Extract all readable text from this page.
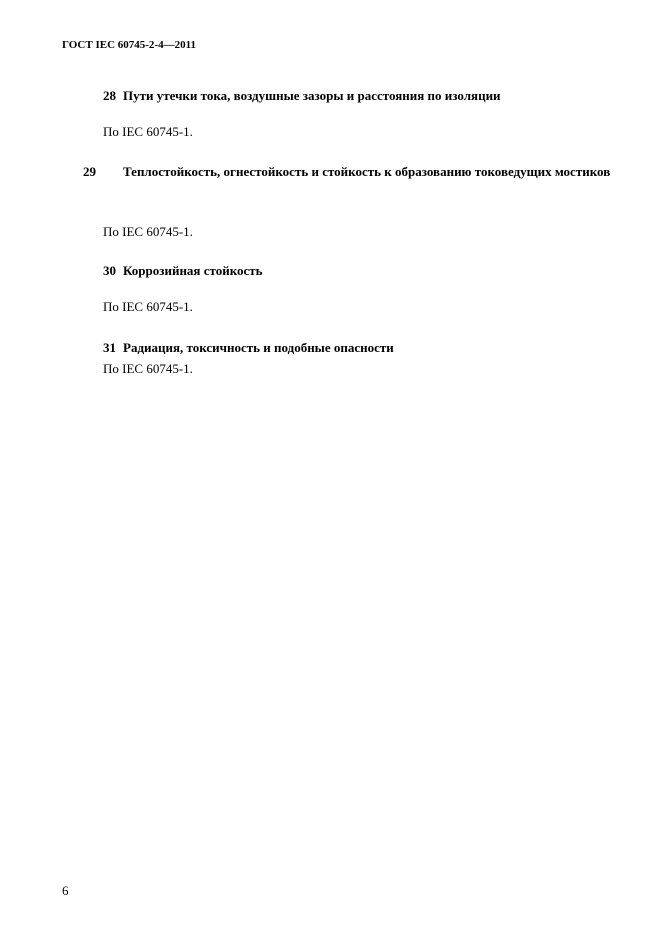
ГОСТ IEC 60745-2-4—2011

28 Пути утечки тока, воздушные зазоры и расстояния по изоляции

По IEC 60745-1.

29 Теплостойкость, огнестойкость и стойкость к образованию токоведущих мостиков

По IEC 60745-1.

30 Коррозийная стойкость

По IEC 60745-1.

31 Радиация, токсичность и подобные опасности

По IEC 60745-1.
6
